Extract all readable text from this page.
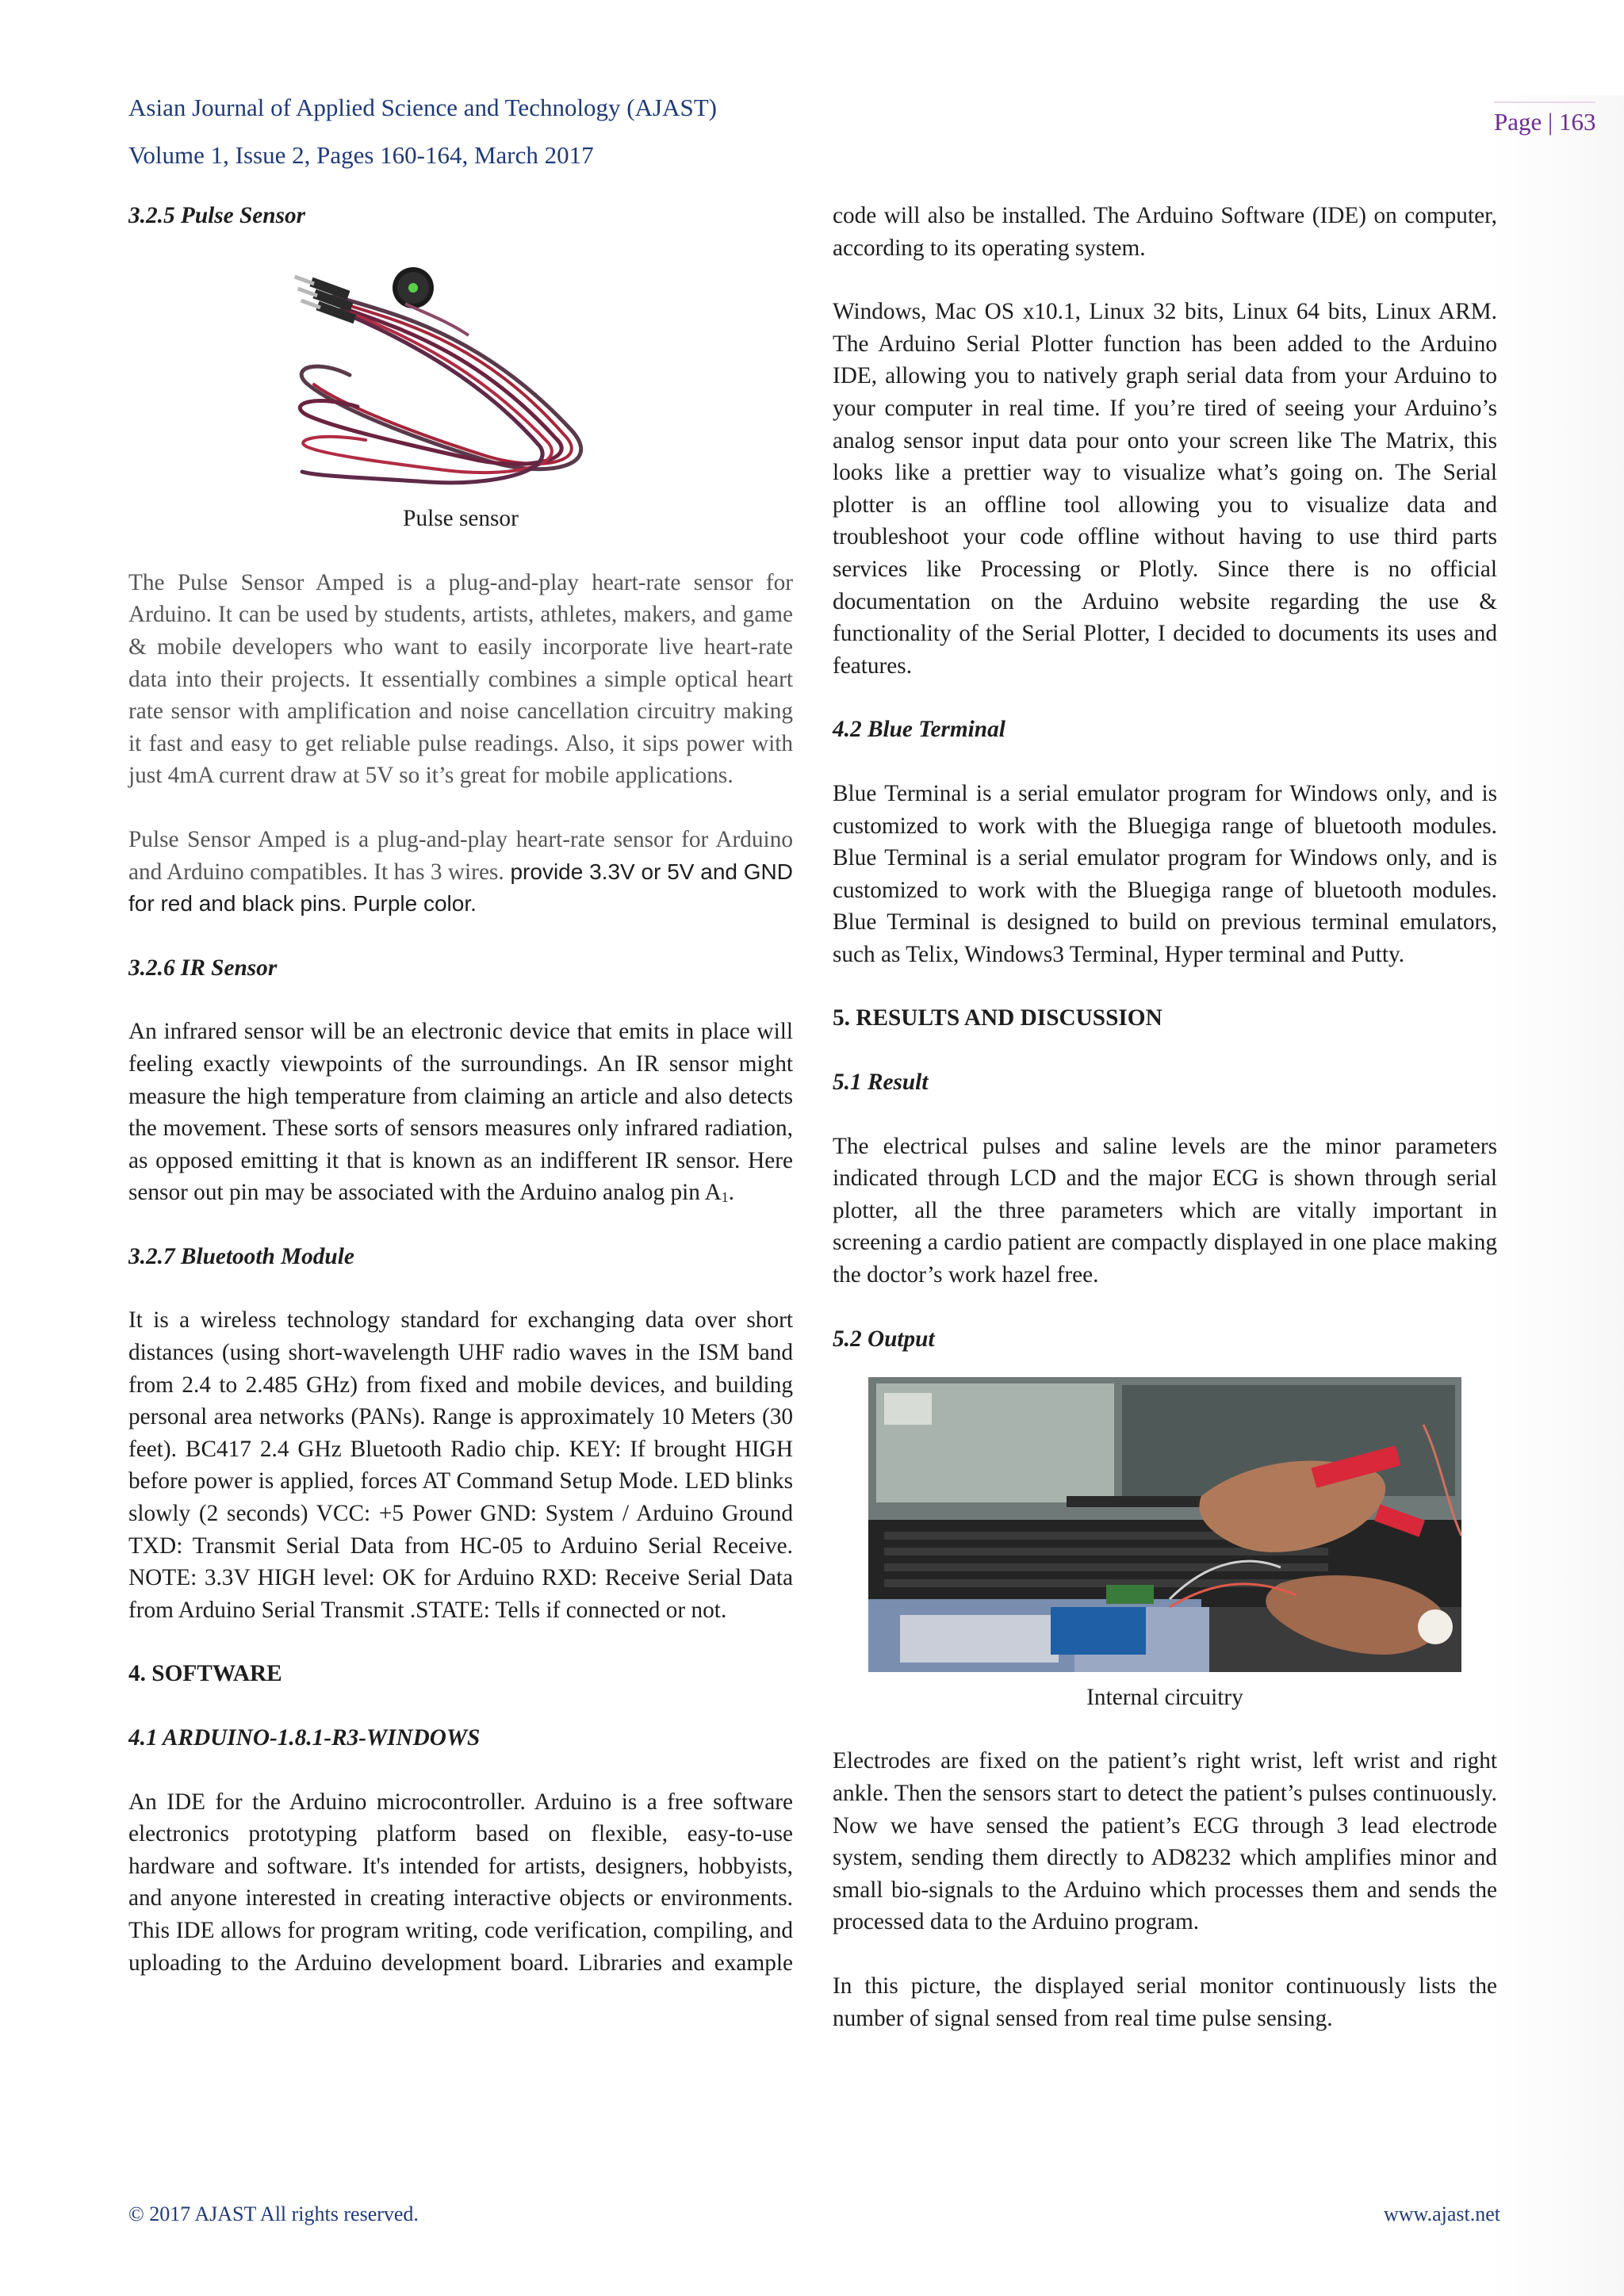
Asian Journal of Applied Science and Technology (AJAST)
Volume 1, Issue 2, Pages 160-164, March 2017
Page | 163

3.2.5 Pulse Sensor

Pulse sensor

The Pulse Sensor Amped is a plug-and-play heart-rate sensor for Arduino. It can be used by students, artists, athletes, makers, and game & mobile developers who want to easily incorporate live heart-rate data into their projects. It essentially combines a simple optical heart rate sensor with amplification and noise cancellation circuitry making it fast and easy to get reliable pulse readings. Also, it sips power with just 4mA current draw at 5V so it’s great for mobile applications.

Pulse Sensor Amped is a plug-and-play heart-rate sensor for Arduino and Arduino compatibles. It has 3 wires. provide 3.3V or 5V and GND for red and black pins. Purple color.

3.2.6 IR Sensor

An infrared sensor will be an electronic device that emits in place will feeling exactly viewpoints of the surroundings. An IR sensor might measure the high temperature from claiming an article and also detects the movement. These sorts of sensors measures only infrared radiation, as opposed emitting it that is known as an indifferent IR sensor. Here sensor out pin may be associated with the Arduino analog pin $A_1$.

3.2.7 Bluetooth Module

It is a wireless technology standard for exchanging data over short distances (using short-wavelength UHF radio waves in the ISM band from 2.4 to 2.485 GHz) from fixed and mobile devices, and building personal area networks (PANs). Range is approximately 10 Meters (30 feet). BC417 2.4 GHz Bluetooth Radio chip. KEY: If brought HIGH before power is applied, forces AT Command Setup Mode. LED blinks slowly (2 seconds) VCC: +5 Power GND: System / Arduino Ground TXD: Transmit Serial Data from HC-05 to Arduino Serial Receive. NOTE: 3.3V HIGH level: OK for Arduino RXD: Receive Serial Data from Arduino Serial Transmit .STATE: Tells if connected or not.

4. SOFTWARE

4.1 ARDUINO-1.8.1-R3-WINDOWS

An IDE for the Arduino microcontroller. Arduino is a free software electronics prototyping platform based on flexible, easy-to-use hardware and software. It's intended for artists, designers, hobbyists, and anyone interested in creating interactive objects or environments. This IDE allows for program writing, code verification, compiling, and uploading to the Arduino development board. Libraries and example

code will also be installed. The Arduino Software (IDE) on computer, according to its operating system.

Windows, Mac OS x10.1, Linux 32 bits, Linux 64 bits, Linux ARM. The Arduino Serial Plotter function has been added to the Arduino IDE, allowing you to natively graph serial data from your Arduino to your computer in real time. If you’re tired of seeing your Arduino’s analog sensor input data pour onto your screen like The Matrix, this looks like a prettier way to visualize what’s going on. The Serial plotter is an offline tool allowing you to visualize data and troubleshoot your code offline without having to use third parts services like Processing or Plotly. Since there is no official documentation on the Arduino website regarding the use & functionality of the Serial Plotter, I decided to documents its uses and features.

4.2 Blue Terminal

Blue Terminal is a serial emulator program for Windows only, and is customized to work with the Bluegiga range of bluetooth modules. Blue Terminal is a serial emulator program for Windows only, and is customized to work with the Bluegiga range of bluetooth modules. Blue Terminal is designed to build on previous terminal emulators, such as Telix, Windows3 Terminal, Hyper terminal and Putty.

5. RESULTS AND DISCUSSION

5.1 Result

The electrical pulses and saline levels are the minor parameters indicated through LCD and the major ECG is shown through serial plotter, all the three parameters which are vitally important in screening a cardio patient are compactly displayed in one place making the doctor’s work hazel free.

5.2 Output

Internal circuitry

Electrodes are fixed on the patient’s right wrist, left wrist and right ankle. Then the sensors start to detect the patient’s pulses continuously. Now we have sensed the patient’s ECG through 3 lead electrode system, sending them directly to AD8232 which amplifies minor and small bio-signals to the Arduino which processes them and sends the processed data to the Arduino program.

In this picture, the displayed serial monitor continuously lists the number of signal sensed from real time pulse sensing.

© 2017 AJAST All rights reserved.	www.ajast.net
